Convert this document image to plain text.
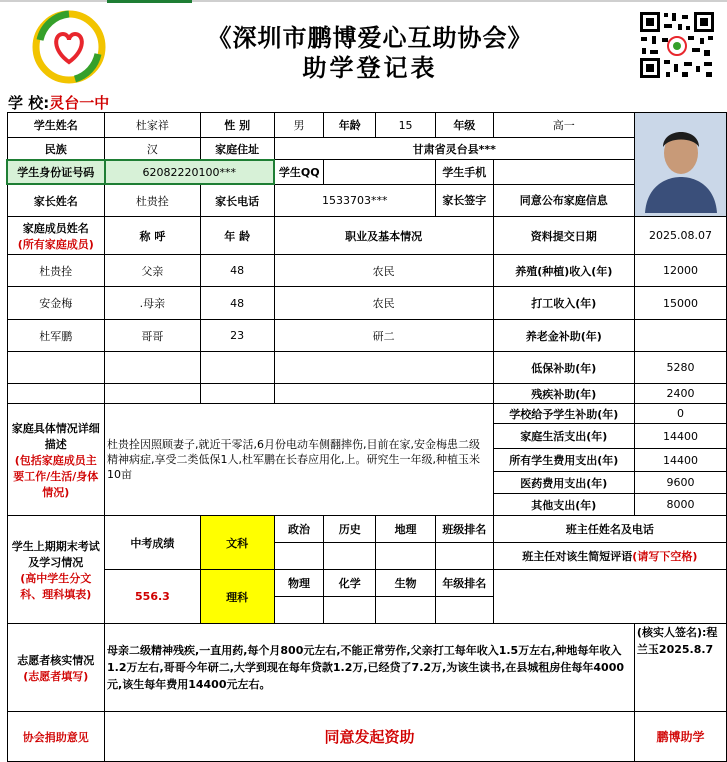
《深圳市鹏博爱心互助协会》
助学登记表
学 校:灵台一中
学生姓名	杜家祥	性 别	男	年龄	15	年级	高一	
民族	汉	家庭住址	甘肃省灵台县***					
学生身份证号码	62082220100***		学生QQ			学生手机		
家长姓名	杜贵拴	家长电话	1533703***			家长签字	同意公布家庭信息	

家庭成员姓名
(所有家庭成员)	称 呼	年 龄	职业及基本情况				资料提交日期	2025.08.07
杜贵拴	父亲	48	农民				养殖(种植)收入(年)	12000
安金梅	.母亲	48	农民				打工收入(年)	15000
杜军鹏	哥哥	23	研二				养老金补助(年)	
							低保补助(年)	5280
							残疾补助(年)	2400

家庭具体情况详细描述
(包括家庭成员主要工作/生活/身体情况)	杜贵拴因照顾妻子,就近干零活,6月份电动车侧翻摔伤,目前在家,安金梅患二级精神病症,享受二类低保1人,杜军鹏在长春应用化,上。研究生一年级,种植玉米10亩						学校给予学生补助(年)	0
							家庭生活支出(年)	14400
							所有学生费用支出(年)	14400
							医药费用支出(年)	9600
							其他支出(年)	8000

学生上期期末考试及学习情况
(高中学生分文科、理科填表)	中考成绩	文科	政治	历史	地理	班级排名	班主任姓名及电话	
							班主任对该生简短评语(请写下空格)	
	556.3	理科	物理	化学	生物	年级排名		

志愿者核实情况
(志愿者填写)	母亲二级精神残疾,一直用药,每个月800元左右,不能正常劳作,父亲打工每年收入1.5万左右,种地每年收入1.2万左右,哥哥今年研二,大学到现在每年贷款1.2万,已经贷了7.2万,为该生读书,在县城租房住每年4000元,该生每年费用14400元左右。							(核实人签名):程兰玉2025.8.7
协会捐助意见	同意发起资助							鹏博助学
